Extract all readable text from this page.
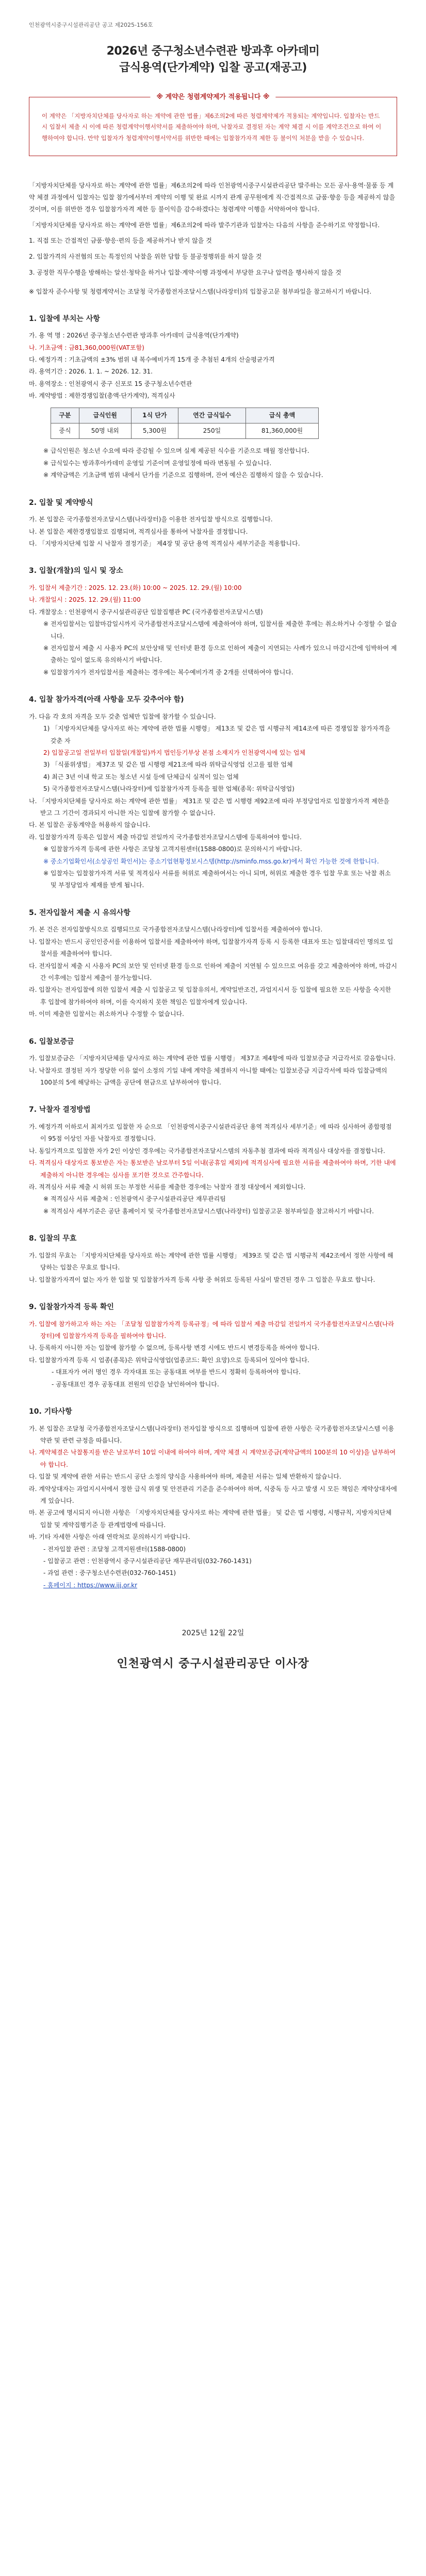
인천광역시중구시설관리공단 공고 제2025-156호
2026년 중구청소년수련관 방과후 아카데미
급식용역(단가계약) 입찰 공고(재공고)
※ 계약은 청렴계약제가 적용됩니다 ※

이 계약은 「지방자치단체를 당사자로 하는 계약에 관한 법률」제6조의2에 따른 청렴계약제가 적용되는 계약입니다. 입찰자는 반드시 입찰서 제출 시 이에 따른 청렴계약이행서약서를 제출하여야 하며, 낙찰자로 결정된 자는 계약 체결 시 이를 계약조건으로 하여 이행하여야 합니다. 만약 입찰자가 청렴계약이행서약서를 위반한 때에는 입찰참가자격 제한 등 불이익 처분을 받을 수 있습니다.

「지방자치단체를 당사자로 하는 계약에 관한 법률」제6조의2에 따라 인천광역시중구시설관리공단 발주하는 모든 공사·용역·물품 등 계약 체결 과정에서 입찰자는 입찰 참가에서부터 계약의 이행 및 완료 시까지 관계 공무원에게 직·간접적으로 금품·향응 등을 제공하지 않을 것이며, 이를 위반한 경우 입찰참가자격 제한 등 불이익을 감수하겠다는 청렴계약 이행을 서약하여야 합니다.

「지방자치단체를 당사자로 하는 계약에 관한 법률」제6조의2에 따라 발주기관과 입찰자는 다음의 사항을 준수하기로 약정합니다.

1. 직접 또는 간접적인 금품·향응·편의 등을 제공하거나 받지 않을 것

2. 입찰가격의 사전협의 또는 특정인의 낙찰을 위한 담합 등 불공정행위를 하지 않을 것

3. 공정한 직무수행을 방해하는 알선·청탁을 하거나 입찰·계약·이행 과정에서 부당한 요구나 압력을 행사하지 않을 것

※ 입찰자 준수사항 및 청렴계약서는 조달청 국가종합전자조달시스템(나라장터)의 입찰공고문 첨부파일을 참고하시기 바랍니다.

1. 입찰에 부치는 사항

가. 용 역 명 : 2026년 중구청소년수련관 방과후 아카데미 급식용역(단가계약)

나. 기초금액 : 금81,360,000원(VAT포함)

다. 예정가격 : 기초금액의 ±3% 범위 내 복수예비가격 15개 중 추첨된 4개의 산술평균가격

라. 용역기간 : 2026. 1. 1. ~ 2026. 12. 31.

마. 용역장소 : 인천광역시 중구 신포로 15 중구청소년수련관

바. 계약방법 : 제한경쟁입찰(총액·단가계약), 적격심사

구분	급식인원	1식 단가	연간 급식일수	급식 총액
중식	50명 내외	5,300원	250일	81,360,000원

※ 급식인원은 청소년 수요에 따라 증감될 수 있으며 실제 제공된 식수를 기준으로 매월 정산합니다.

※ 급식일수는 방과후아카데미 운영일 기준이며 운영일정에 따라 변동될 수 있습니다.

※ 계약금액은 기초금액 범위 내에서 단가를 기준으로 집행하며, 잔여 예산은 집행하지 않을 수 있습니다.

2. 입찰 및 계약방식

가. 본 입찰은 국가종합전자조달시스템(나라장터)을 이용한 전자입찰 방식으로 집행합니다.

나. 본 입찰은 제한경쟁입찰로 집행되며, 적격심사를 통하여 낙찰자를 결정합니다.

다. 「지방자치단체 입찰 시 낙찰자 결정기준」 제4장 및 공단 용역 적격심사 세부기준을 적용합니다.

3. 입찰(개찰)의 일시 및 장소

가. 입찰서 제출기간 : 2025. 12. 23.(화) 10:00 ~ 2025. 12. 29.(월) 10:00

나. 개찰일시 : 2025. 12. 29.(월) 11:00

다. 개찰장소 : 인천광역시 중구시설관리공단 입찰집행관 PC (국가종합전자조달시스템)

※ 전자입찰서는 입찰마감일시까지 국가종합전자조달시스템에 제출하여야 하며, 입찰서를 제출한 후에는 취소하거나 수정할 수 없습니다.

※ 전자입찰서 제출 시 사용자 PC의 보안상태 및 인터넷 환경 등으로 인하여 제출이 지연되는 사례가 있으니 마감시간에 임박하여 제출하는 일이 없도록 유의하시기 바랍니다.

※ 입찰참가자가 전자입찰서를 제출하는 경우에는 복수예비가격 중 2개를 선택하여야 합니다.

4. 입찰 참가자격(아래 사항을 모두 갖추어야 함)

가. 다음 각 호의 자격을 모두 갖춘 업체만 입찰에 참가할 수 있습니다.

1) 「지방자치단체를 당사자로 하는 계약에 관한 법률 시행령」 제13조 및 같은 법 시행규칙 제14조에 따른 경쟁입찰 참가자격을 갖춘 자

2) 입찰공고일 전일부터 입찰일(개찰일)까지 법인등기부상 본점 소재지가 인천광역시에 있는 업체

3) 「식품위생법」 제37조 및 같은 법 시행령 제21조에 따라 위탁급식영업 신고를 필한 업체

4) 최근 3년 이내 학교 또는 청소년 시설 등에 단체급식 실적이 있는 업체

5) 국가종합전자조달시스템(나라장터)에 입찰참가자격 등록을 필한 업체(종목: 위탁급식영업)

나. 「지방자치단체를 당사자로 하는 계약에 관한 법률」 제31조 및 같은 법 시행령 제92조에 따라 부정당업자로 입찰참가자격 제한을 받고 그 기간이 경과되지 아니한 자는 입찰에 참가할 수 없습니다.

다. 본 입찰은 공동계약을 허용하지 않습니다.

라. 입찰참가자격 등록은 입찰서 제출 마감일 전일까지 국가종합전자조달시스템에 등록하여야 합니다.

※ 입찰참가자격 등록에 관한 사항은 조달청 고객지원센터(1588-0800)로 문의하시기 바랍니다.

※ 중소기업확인서(소상공인 확인서)는 중소기업현황정보시스템(http://sminfo.mss.go.kr)에서 확인 가능한 것에 한합니다.

※ 입찰자는 입찰참가자격 서류 및 적격심사 서류를 허위로 제출하여서는 아니 되며, 허위로 제출한 경우 입찰 무효 또는 낙찰 취소 및 부정당업자 제재를 받게 됩니다.

5. 전자입찰서 제출 시 유의사항

가. 본 건은 전자입찰방식으로 집행되므로 국가종합전자조달시스템(나라장터)에 입찰서를 제출하여야 합니다.

나. 입찰자는 반드시 공인인증서를 이용하여 입찰서를 제출하여야 하며, 입찰참가자격 등록 시 등록한 대표자 또는 입찰대리인 명의로 입찰서를 제출하여야 합니다.

다. 전자입찰서 제출 시 사용자 PC의 보안 및 인터넷 환경 등으로 인하여 제출이 지연될 수 있으므로 여유를 갖고 제출하여야 하며, 마감시간 이후에는 입찰서 제출이 불가능합니다.

라. 입찰자는 전자입찰에 의한 입찰서 제출 시 입찰공고 및 입찰유의서, 계약일반조건, 과업지시서 등 입찰에 필요한 모든 사항을 숙지한 후 입찰에 참가하여야 하며, 이를 숙지하지 못한 책임은 입찰자에게 있습니다.

마. 이미 제출한 입찰서는 취소하거나 수정할 수 없습니다.

6. 입찰보증금

가. 입찰보증금은 「지방자치단체를 당사자로 하는 계약에 관한 법률 시행령」 제37조 제4항에 따라 입찰보증금 지급각서로 갈음합니다.

나. 낙찰자로 결정된 자가 정당한 이유 없이 소정의 기일 내에 계약을 체결하지 아니할 때에는 입찰보증금 지급각서에 따라 입찰금액의 100분의 5에 해당하는 금액을 공단에 현금으로 납부하여야 합니다.

7. 낙찰자 결정방법

가. 예정가격 이하로서 최저가로 입찰한 자 순으로 「인천광역시중구시설관리공단 용역 적격심사 세부기준」에 따라 심사하여 종합평점이 95점 이상인 자를 낙찰자로 결정합니다.

나. 동일가격으로 입찰한 자가 2인 이상인 경우에는 국가종합전자조달시스템의 자동추첨 결과에 따라 적격심사 대상자를 결정합니다.

다. 적격심사 대상자로 통보받은 자는 통보받은 날로부터 5일 이내(공휴일 제외)에 적격심사에 필요한 서류를 제출하여야 하며, 기한 내에 제출하지 아니한 경우에는 심사를 포기한 것으로 간주합니다.

라. 적격심사 서류 제출 시 허위 또는 부정한 서류를 제출한 경우에는 낙찰자 결정 대상에서 제외합니다.

※ 적격심사 서류 제출처 : 인천광역시 중구시설관리공단 재무관리팀

※ 적격심사 세부기준은 공단 홈페이지 및 국가종합전자조달시스템(나라장터) 입찰공고문 첨부파일을 참고하시기 바랍니다.

8. 입찰의 무효

가. 입찰의 무효는 「지방자치단체를 당사자로 하는 계약에 관한 법률 시행령」 제39조 및 같은 법 시행규칙 제42조에서 정한 사항에 해당하는 입찰은 무효로 합니다.

나. 입찰참가자격이 없는 자가 한 입찰 및 입찰참가자격 등록 사항 중 허위로 등록된 사실이 발견된 경우 그 입찰은 무효로 합니다.

9. 입찰참가자격 등록 확인

가. 입찰에 참가하고자 하는 자는 「조달청 입찰참가자격 등록규정」에 따라 입찰서 제출 마감일 전일까지 국가종합전자조달시스템(나라장터)에 입찰참가자격 등록을 필하여야 합니다.

나. 등록하지 아니한 자는 입찰에 참가할 수 없으며, 등록사항 변경 시에도 반드시 변경등록을 하여야 합니다.

다. 입찰참가자격 등록 시 업종(종목)은 위탁급식영업(업종코드: 확인 요망)으로 등록되어 있어야 합니다.

- 대표자가 여러 명인 경우 각자대표 또는 공동대표 여부를 반드시 정확히 등록하여야 합니다.

- 공동대표인 경우 공동대표 전원의 인감을 날인하여야 합니다.

10. 기타사항

가. 본 입찰은 조달청 국가종합전자조달시스템(나라장터) 전자입찰 방식으로 집행하며 입찰에 관한 사항은 국가종합전자조달시스템 이용약관 및 관련 규정을 따릅니다.

나. 계약체결은 낙찰통지를 받은 날로부터 10일 이내에 하여야 하며, 계약 체결 시 계약보증금(계약금액의 100분의 10 이상)을 납부하여야 합니다.

다. 입찰 및 계약에 관한 서류는 반드시 공단 소정의 양식을 사용하여야 하며, 제출된 서류는 일체 반환하지 않습니다.

라. 계약상대자는 과업지시서에서 정한 급식 위생 및 안전관리 기준을 준수하여야 하며, 식중독 등 사고 발생 시 모든 책임은 계약상대자에게 있습니다.

마. 본 공고에 명시되지 아니한 사항은 「지방자치단체를 당사자로 하는 계약에 관한 법률」 및 같은 법 시행령, 시행규칙, 지방자치단체 입찰 및 계약집행기준 등 관계법령에 따릅니다.

바. 기타 자세한 사항은 아래 연락처로 문의하시기 바랍니다.

- 전자입찰 관련 : 조달청 고객지원센터(1588-0800)

- 입찰공고 관련 : 인천광역시 중구시설관리공단 재무관리팀(032-760-1431)

- 과업 관련 : 중구청소년수련관(032-760-1451)

- 홈페이지 : https://www.ijj.or.kr

2025년 12월 22일
인천광역시 중구시설관리공단 이사장
